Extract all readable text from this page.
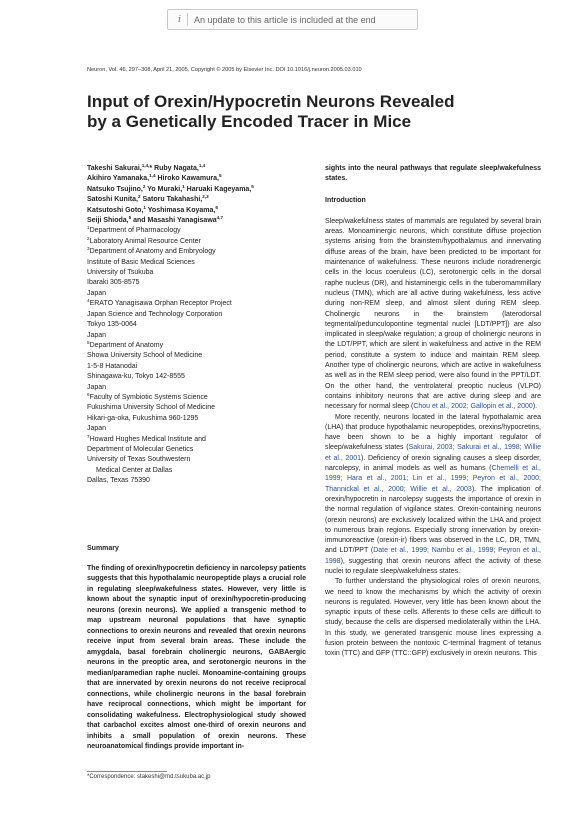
i	An update to this article is included at the end
Neuron, Vol. 46, 297–308, April 21, 2005, Copyright © 2005 by Elsevier Inc. DOI 10.1016/j.neuron.2005.03.010
Input of Orexin/Hypocretin Neurons Revealed
by a Genetically Encoded Tracer in Mice
Takeshi Sakurai,$^{1,4,}$* Ruby Nagata,$^{1,4}$
Akihiro Yamanaka,$^{1,4}$ Hiroko Kawamura,$^5$
Natsuko Tsujino,$^2$ Yo Muraki,$^1$ Haruaki Kageyama,$^5$
Satoshi Kunita,$^2$ Satoru Takahashi,$^{2,3}$
Katsutoshi Goto,$^1$ Yoshimasa Koyama,$^6$
Seiji Shioda,$^5$ and Masashi Yanagisawa$^{4,7}$

$^1$Department of Pharmacology
$^2$Laboratory Animal Resource Center
$^3$Department of Anatomy and Embryology
Institute of Basic Medical Sciences
University of Tsukuba
Ibaraki 305-8575
Japan
$^4$ERATO Yanagisawa Orphan Receptor Project
Japan Science and Technology Corporation
Tokyo 135-0064
Japan
$^5$Department of Anatomy
Showa University School of Medicine
1-5-8 Hatanodai
Shinagawa-ku, Tokyo 142-8555
Japan
$^6$Faculty of Symbiotic Systems Science
Fukushima University School of Medicine
Hikari-ga-oka, Fukushima 960-1295
Japan
$^7$Howard Hughes Medical Institute and
Department of Molecular Genetics
University of Texas Southwestern
Medical Center at Dallas
Dallas, Texas 75390
Summary
The finding of orexin/hypocretin deficiency in narcolepsy patients suggests that this hypothalamic neuropeptide plays a crucial role in regulating sleep/wakefulness states. However, very little is known about the synaptic input of orexin/hypocretin-producing neurons (orexin neurons). We applied a transgenic method to map upstream neuronal populations that have synaptic connections to orexin neurons and revealed that orexin neurons receive input from several brain areas. These include the amygdala, basal forebrain cholinergic neurons, GABAergic neurons in the preoptic area, and serotonergic neurons in the median/paramedian raphe nuclei. Monoamine-containing groups that are innervated by orexin neurons do not receive reciprocal connections, while cholinergic neurons in the basal forebrain have reciprocal connections, which might be important for consolidating wakefulness. Electrophysiological study showed that carbachol excites almost one-third of orexin neurons and inhibits a small population of orexin neurons. These neuroanatomical findings provide important in-
*Correspondence: stakeshi@md.tsukuba.ac.jp
sights into the neural pathways that regulate sleep/wakefulness states.
Introduction

Sleep/wakefulness states of mammals are regulated by several brain areas. Monoaminergic neurons, which constitute diffuse projection systems arising from the brainstem/hypothalamus and innervating diffuse areas of the brain, have been predicted to be important for maintenance of wakefulness. These neurons include noradrenergic cells in the locus coeruleus (LC), serotonergic cells in the dorsal raphe nucleus (DR), and histaminergic cells in the tuberomammillary nucleus (TMN), which are all active during wakefulness, less active during non-REM sleep, and almost silent during REM sleep. Cholinergic neurons in the brainstem (laterodorsal tegmental/pedunculopontine tegmental nuclei [LDT/PPT]) are also implicated in sleep/wake regulation; a group of cholinergic neurons in the LDT/PPT, which are silent in wakefulness and active in the REM period, constitute a system to induce and maintain REM sleep. Another type of cholinergic neurons, which are active in wakefulness as well as in the REM sleep period, were also found in the PPT/LDT. On the other hand, the ventrolateral preoptic nucleus (VLPO) contains inhibitory neurons that are active during sleep and are necessary for normal sleep (Chou et al., 2002; Gallopin et al., 2000).

More recently, neurons located in the lateral hypothalamic area (LHA) that produce hypothalamic neuropeptides, orexins/hypocretins, have been shown to be a highly important regulator of sleep/wakefulness states (Sakurai, 2003; Sakurai et al., 1998; Willie et al., 2001). Deficiency of orexin signaling causes a sleep disorder, narcolepsy, in animal models as well as humans (Chemelli et al., 1999; Hara et al., 2001; Lin et al., 1999; Peyron et al., 2000; Thannickal et al., 2000; Willie et al., 2003). The implication of orexin/hypocretin in narcolepsy suggests the importance of orexin in the normal regulation of vigilance states. Orexin-containing neurons (orexin neurons) are exclusively localized within the LHA and project to numerous brain regions. Especially strong innervation by orexin-immunoreactive (orexin-ir) fibers was observed in the LC, DR, TMN, and LDT/PPT (Date et al., 1999; Nambu et al., 1999; Peyron et al., 1998), suggesting that orexin neurons affect the activity of these nuclei to regulate sleep/wakefulness states.

To further understand the physiological roles of orexin neurons, we need to know the mechanisms by which the activity of orexin neurons is regulated. However, very little has been known about the synaptic inputs of these cells. Afferents to these cells are difficult to study, because the cells are dispersed mediolaterally within the LHA. In this study, we generated transgenic mouse lines expressing a fusion protein between the nontoxic C-terminal fragment of tetanus toxin (TTC) and GFP (TTC::GFP) exclusively in orexin neurons. This
